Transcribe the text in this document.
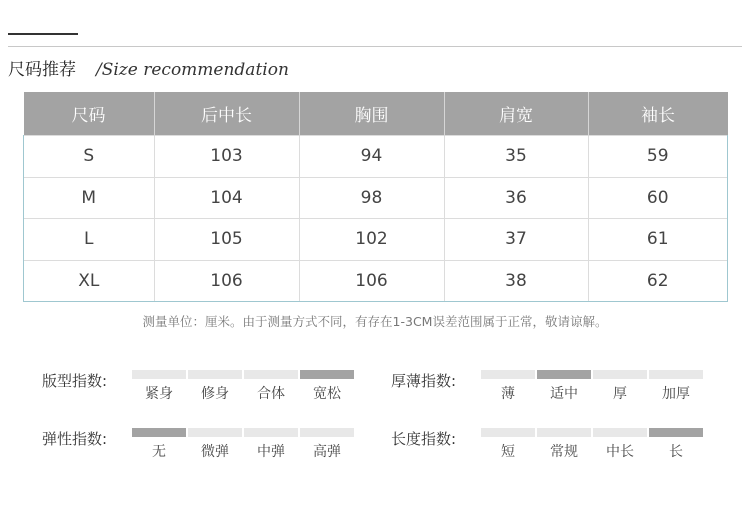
尺码推荐 /Size recommendation
尺码	后中长	胸围	肩宽	袖长
S	103	94	35	59
M	104	98	36	60
L	105	102	37	61
XL	106	106	38	62
测量单位：厘米。由于测量方式不同，有存在1-3CM误差范围属于正常，敬请谅解。
版型指数:
紧身	修身	合体	宽松
厚薄指数:
薄	适中	厚	加厚
弹性指数:
无	微弹	中弹	高弹
长度指数:
短	常规	中长	长
